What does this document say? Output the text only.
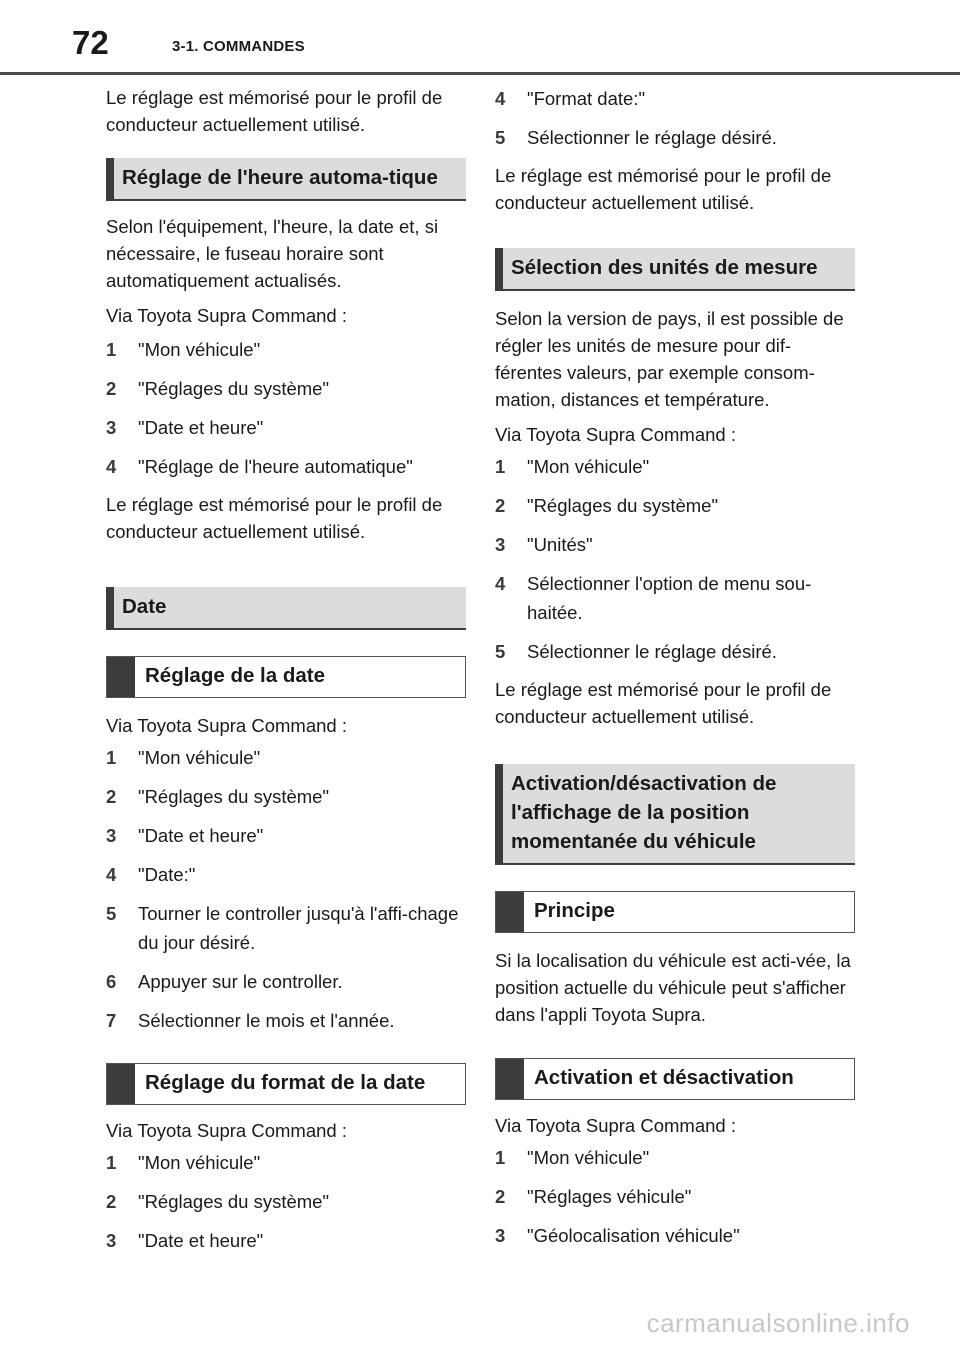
72	3-1. COMMANDES

Le réglage est mémorisé pour le profil de conducteur actuellement utilisé.

Réglage de l'heure automa-tique

Selon l'équipement, l'heure, la date et, si nécessaire, le fuseau horaire sont automatiquement actualisés.

Via Toyota Supra Command :

1	"Mon véhicule"
2	"Réglages du système"
3	"Date et heure"
4	"Réglage de l'heure automatique"

Le réglage est mémorisé pour le profil de conducteur actuellement utilisé.

Date
Réglage de la date

Via Toyota Supra Command :

1	"Mon véhicule"
2	"Réglages du système"
3	"Date et heure"
4	"Date:"
5	Tourner le controller jusqu'à l'affi-chage du jour désiré.
6	Appuyer sur le controller.
7	Sélectionner le mois et l'année.
Réglage du format de la date

Via Toyota Supra Command :

1	"Mon véhicule"
2	"Réglages du système"
3	"Date et heure"
4	"Format date:"
5	Sélectionner le réglage désiré.

Le réglage est mémorisé pour le profil de conducteur actuellement utilisé.

Sélection des unités de mesure

Selon la version de pays, il est possible de régler les unités de mesure pour dif-férentes valeurs, par exemple consom-mation, distances et température.

Via Toyota Supra Command :

1	"Mon véhicule"
2	"Réglages du système"
3	"Unités"
4	Sélectionner l'option de menu sou-haitée.
5	Sélectionner le réglage désiré.

Le réglage est mémorisé pour le profil de conducteur actuellement utilisé.

Activation/désactivation de l'affichage de la position momentanée du véhicule
Principe

Si la localisation du véhicule est acti-vée, la position actuelle du véhicule peut s'afficher dans l'appli Toyota Supra.

Activation et désactivation

Via Toyota Supra Command :

1	"Mon véhicule"
2	"Réglages véhicule"
3	"Géolocalisation véhicule"
carmanualsonline.info
